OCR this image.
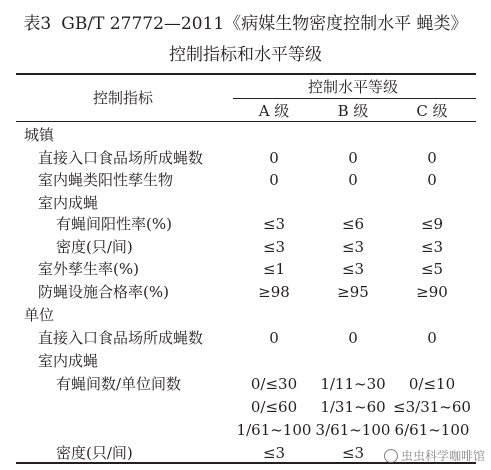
表3 GB/T 27772—2011《病媒生物密度控制水平 蝇类》
控制指标和水平等级
控制指标
控制水平等级
A 级	B 级	C 级
城镇
直接入口食品场所成蝇数	0	0	0
室内蝇类阳性孳生物	0	0	0
室内成蝇
有蝇间阳性率(%)	≤3	≤6	≤9
密度(只/间)	≤3	≤3	≤3
室外孳生率(%)	≤1	≤3	≤5
防蝇设施合格率(%)	≥98	≥95	≥90
单位
直接入口食品场所成蝇数	0	0	0
室内成蝇
有蝇间数/单位间数	0/≤30 1/11~30 0/≤10
0/≤60 1/31~60 ≤3/31~60
1/61~100 3/61~100 6/61~100
密度(只/间)	≤3	≤3	虫虫科学咖啡馆
